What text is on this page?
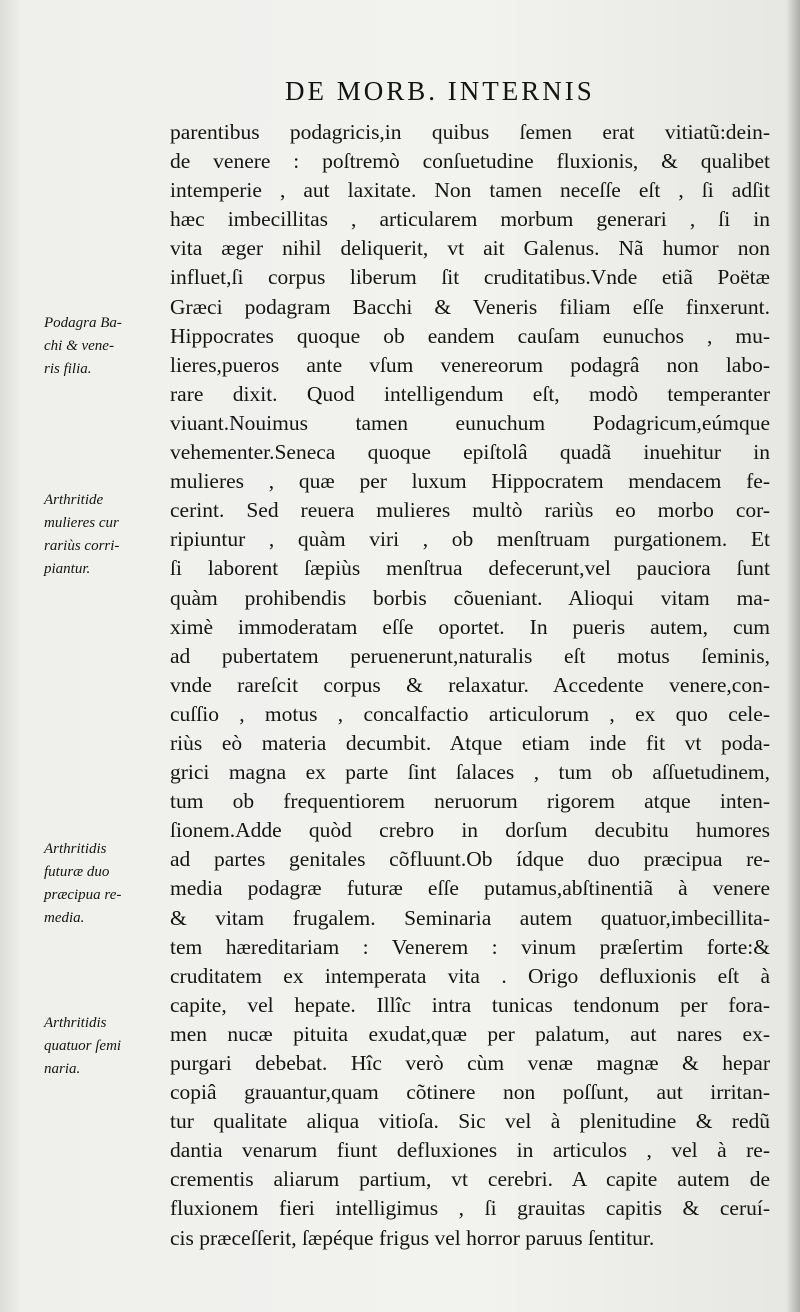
DE MORB. INTERNIS
parentibus podagricis,in quibus ſemen erat vitiatũ:dein-
de venere : poſtremò conſuetudine fluxionis, & qualibet
intemperie , aut laxitate. Non tamen neceſſe eſt , ſi adſit
hæc imbecillitas , articularem morbum generari , ſi in
vita æger nihil deliquerit, vt ait Galenus. Nã humor non
influet,ſi corpus liberum ſit cruditatibus.Vnde etiã Poëtæ
Græci podagram Bacchi & Veneris filiam eſſe finxerunt.
Hippocrates quoque ob eandem cauſam eunuchos , mu-
lieres,pueros ante vſum venereorum podagrâ non labo-
rare dixit. Quod intelligendum eſt, modò temperanter
viuant.Nouimus tamen eunuchum Podagricum,eúmque
vehementer.Seneca quoque epiſtolâ quadã inuehitur in
mulieres , quæ per luxum Hippocratem mendacem fe-
cerint. Sed reuera mulieres multò rariùs eo morbo cor-
ripiuntur , quàm viri , ob menſtruam purgationem. Et
ſi laborent ſæpiùs menſtrua defecerunt,vel pauciora ſunt
quàm prohibendis borbis cõueniant. Alioqui vitam ma-
ximè immoderatam eſſe oportet. In pueris autem, cum
ad pubertatem peruenerunt,naturalis eſt motus ſeminis,
vnde rareſcit corpus & relaxatur. Accedente venere,con-
cuſſio , motus , concalfactio articulorum , ex quo cele-
riùs eò materia decumbit. Atque etiam inde fit vt poda-
grici magna ex parte ſint ſalaces , tum ob aſſuetudinem,
tum ob frequentiorem neruorum rigorem atque inten-
ſionem.Adde quòd crebro in dorſum decubitu humores
ad partes genitales cõfluunt.Ob ídque duo præcipua re-
media podagræ futuræ eſſe putamus,abſtinentiã à venere
& vitam frugalem. Seminaria autem quatuor,imbecillita-
tem hæreditariam : Venerem : vinum præſertim forte:&
cruditatem ex intemperata vita . Origo defluxionis eſt à
capite, vel hepate. Illîc intra tunicas tendonum per fora-
men nucæ pituita exudat,quæ per palatum, aut nares ex-
purgari debebat. Hîc verò cùm venæ magnæ & hepar
copiâ grauantur,quam cõtinere non poſſunt, aut irritan-
tur qualitate aliqua vitioſa. Sic vel à plenitudine & redũ
dantia venarum fiunt defluxiones in articulos , vel à re-
crementis aliarum partium, vt cerebri. A capite autem de
fluxionem fieri intelligimus , ſi grauitas capitis & ceruí-
cis præceſſerit, ſæpéque frigus vel horror paruus ſentitur.
Podagra Ba-
chi & vene-
ris filia.
Arthritide
mulieres cur
rariùs corri-
piantur.
Arthritidis
futuræ duo
præcipua re-
media.
Arthritidis
quatuor ſemi
naria.
